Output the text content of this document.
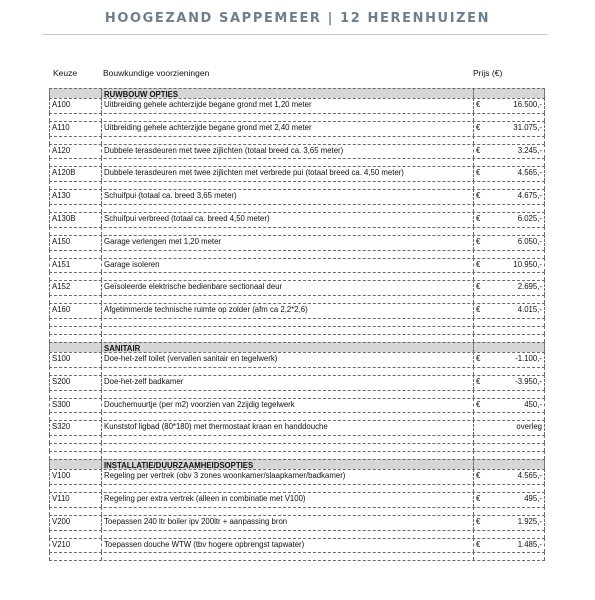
HOOGEZAND SAPPEMEER | 12 HERENHUIZEN
Keuze	Bouwkundige voorzieningen	Prijs (€)
RUWBOUW OPTIES
A100	Uitbreiding gehele achterzijde begane grond met 1,20 meter	€	16.500,-
A110	Uitbreiding gehele achterzijde begane grond met 2,40 meter	€	31.075,-
A120	Dubbele terasdeuren met twee zijlichten (totaal breed ca. 3,65 meter)	€	3.245,-
A120B	Dubbele terasdeuren met twee zijlichten met verbrede pui (totaal breed ca. 4,50 meter)	€	4.565,-
A130	Schuifpui (totaal ca. breed 3,65 meter)	€	4.675,-
A130B	Schuifpui verbreed (totaal ca. breed 4,50 meter)	€	6.025,-
A150	Garage verlengen met 1,20 meter	€	6.050,-
A151	Garage isoleren	€	10.950,-
A152	Geïsoleerde elektrische bedienbare sectionaal deur	€	2.695,-
A160	Afgetimmerde technische ruimte op zolder (afm ca 2,2*2,6)	€	4.015,-
SANITAIR
S100	Doe-het-zelf toilet (vervallen sanitair en tegelwerk)	€	-1.100,-
S200	Doe-het-zelf badkamer	€	-3.950,-
S300	Douchemuurtje (per m2) voorzien van 2zijdig tegelwerk	€	450,-
S320	Kunststof ligbad (80*180) met thermostaat kraan en handdouche	overleg
INSTALLATIE/DUURZAAMHEIDSOPTIES
V100	Regeling per vertrek (obv 3 zones woonkamer/slaapkamer/badkamer)	€	4.565,-
V110	Regeling per extra vertrek (alleen in combinatie met V100)	€	495,-
V200	Toepassen 240 ltr boiler ipv 200ltr + aanpassing bron	€	1.925,-
V210	Toepassen douche WTW (tbv hogere opbrengst tapwater)	€	1.485,-
